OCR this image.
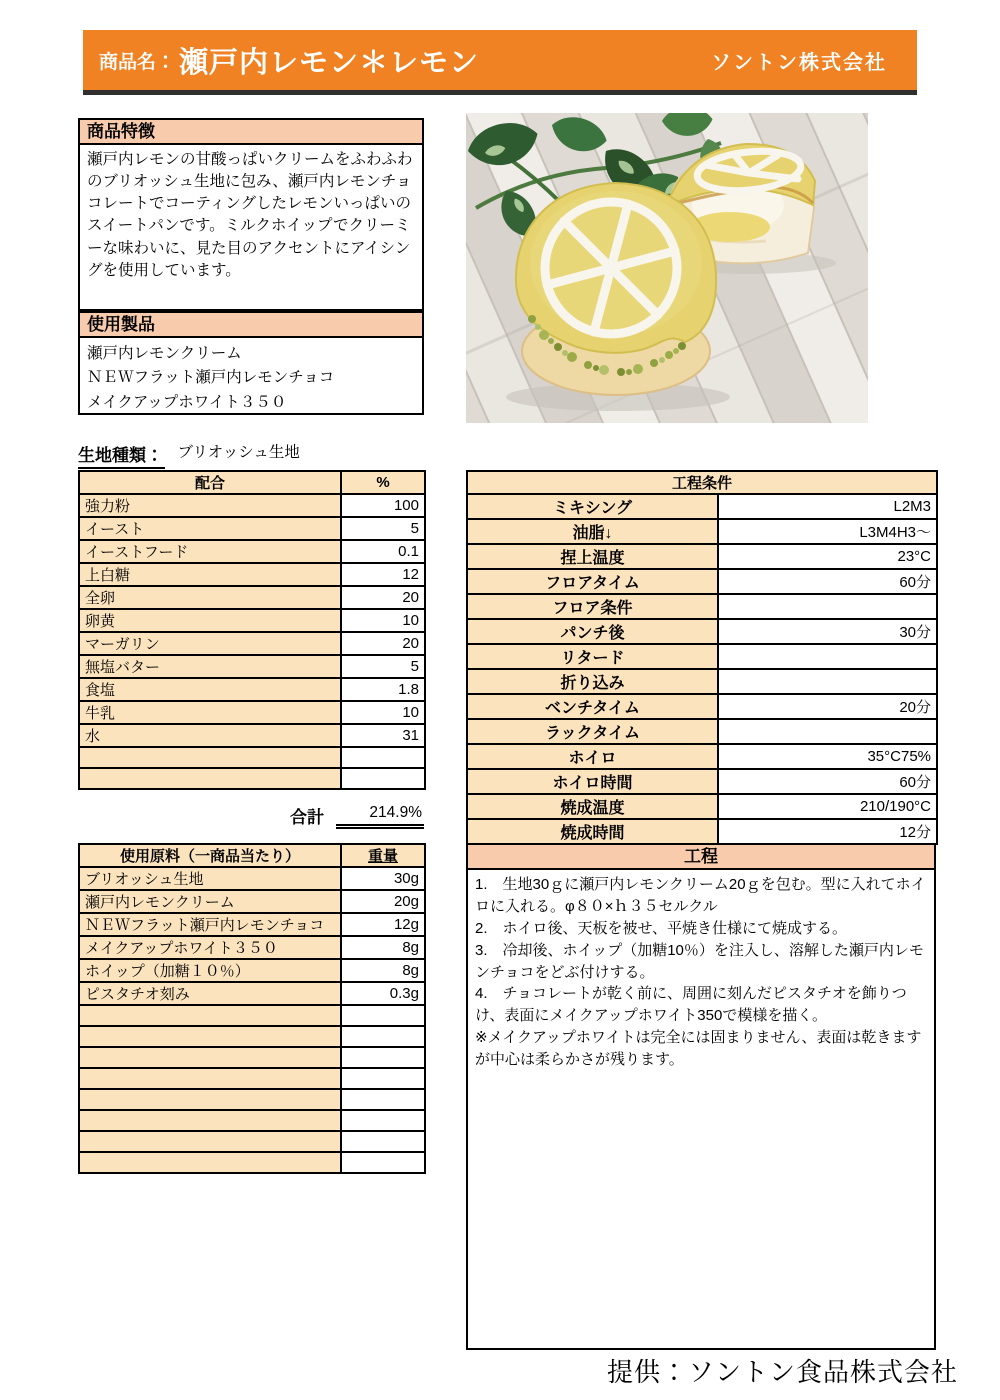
商品名： 瀬戸内レモン＊レモン	ソントン株式会社
商品特徴
瀬戸内レモンの甘酸っぱいクリームをふわふわのブリオッシュ生地に包み、瀬戸内レモンチョコレートでコーティングしたレモンいっぱいのスイートパンです。ミルクホイップでクリーミーな味わいに、見た目のアクセントにアイシングを使用しています。
使用製品
瀬戸内レモンクリーム
ＮＥＷフラット瀬戸内レモンチョコ
メイクアップホワイト３５０
生地種類： ブリオッシュ生地
配合	%
強力粉	100
イースト	5
イーストフード	0.1
上白糖	12
全卵	20
卵黄	10
マーガリン	20
無塩バター	5
食塩	1.8
牛乳	10
水	31

合計	214.9%
工程条件	
ミキシング	L2M3
油脂↓	L3M4H3～
捏上温度	23°C
フロアタイム	60分
フロア条件	
パンチ後	30分
リタード	
折り込み	
ベンチタイム	20分
ラックタイム	
ホイロ	35°C75%
ホイロ時間	60分
焼成温度	210/190°C
焼成時間	12分
使用原料（一商品当たり）	重量
ブリオッシュ生地	30g
瀬戸内レモンクリーム	20g
ＮＥＷフラット瀬戸内レモンチョコ	12g
メイクアップホワイト３５０	8g
ホイップ（加糖１０％）	8g
ピスタチオ刻み	0.3g

工程

1.　生地30ｇに瀬戸内レモンクリーム20ｇを包む。型に入れてホイロに入れる。φ８０×ｈ３５セルクル

2.　ホイロ後、天板を被せ、平焼き仕様にて焼成する。

3.　冷却後、ホイップ（加糖10％）を注入し、溶解した瀬戸内レモンチョコをどぶ付けする。

4.　チョコレートが乾く前に、周囲に刻んだピスタチオを飾りつけ、表面にメイクアップホワイト350で模様を描く。

※メイクアップホワイトは完全には固まりません、表面は乾きますが中心は柔らかさが残ります。

提供：ソントン食品株式会社
